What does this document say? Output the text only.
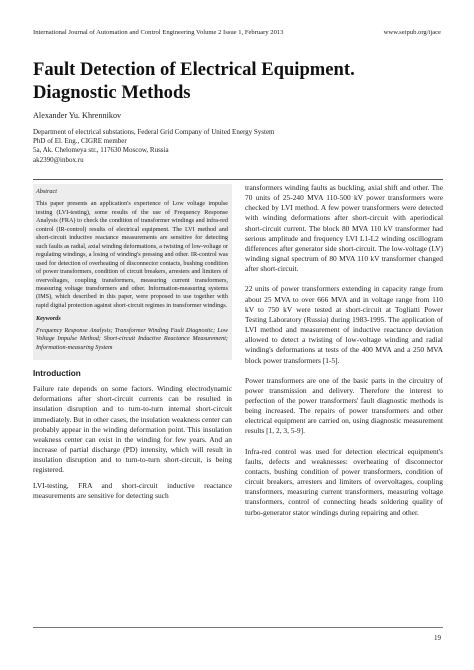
International Journal of Automation and Control Engineering Volume 2 Issue 1, February 2013	www.seipub.org/ijace
Fault Detection of Electrical Equipment.
Diagnostic Methods
Alexander Yu. Khrennikov
Department of electrical substations, Federal Grid Company of United Energy System
PhD of El. Eng., CIGRE member
5a, Ak. Chelomeya str., 117630 Moscow, Russia
ak2390@inbox.ru
Abstract

This paper presents an application's experience of Low voltage impulse testing (LVI-testing), some results of the use of Frequency Response Analysis (FRA) to check the condition of transformer windings and infra-red control (IR-control) results of electrical equipment. The LVI method and short-circuit inductive reactance measurements are sensitive for detecting such faults as radial, axial winding deformations, a twisting of low-voltage or regulating windings, a losing of winding's pressing and other. IR-control was used for detection of overheating of disconnector contacts, bushing condition of power transformers, condition of circuit breakers, arresters and limiters of overvoltages, coupling transformers, measuring current transformers, measuring voltage transformers and other. Information-measuring systems (IMS), which described in this paper, were proposed to use together with rapid digital protection against short-circuit regimes in transformer windings.

Keywords

Frequency Response Analysis; Transformer Winding Fault Diagnostic; Low Voltage Impulse Method; Short-circuit Inductive Reactance Measurement; Information-measuring System

Introduction

Failure rate depends on some factors. Winding electrodynamic deformations after short-circuit currents can be resulted in insulation disruption and to turn-to-turn internal short-circuit immediately. But in other cases, the insulation weakness center can probably appear in the winding deformation point. This insulation weakness center can exist in the winding for few years. And an increase of partial discharge (PD) intensity, which will result in insulation disruption and to turn-to-turn short-circuit, is being registered.

LVI-testing, FRA and short-circuit inductive reactance measurements are sensitive for detecting such

transformers winding faults as buckling, axial shift and other. The 70 units of 25-240 MVA 110-500 kV power transformers were checked by LVI method. A few power transformers were detected with winding deformations after short-circuit with aperiodical short-circuit current. The block 80 MVA 110 kV transformer had serious amplitude and frequency LVI L1-L2 winding oscillogram differences after generator side short-circuit. The low-voltage (LV) winding signal spectrum of 80 MVA 110 kV transformer changed after short-circuit.

22 units of power transformers extending in capacity range from about 25 MVA to over 666 MVA and in voltage range from 110 kV to 750 kV were tested at short-circuit at Togliatti Power Testing Laboratory (Russia) during 1983-1995. The application of LVI method and measurement of inductive reactance deviation allowed to detect a twisting of low-voltage winding and radial winding's deformations at tests of the 400 MVA and a 250 MVA block power transformers [1-5].

Power transformers are one of the basic parts in the circuitry of power transmission and delivery. Therefore the interest to perfection of the power transformers' fault diagnostic methods is being increased. The repairs of power transformers and other electrical equipment are carried on, using diagnostic measurement results [1, 2, 3, 5-9].

Infra-red control was used for detection electrical equipment's faults, defects and weaknesses: overheating of disconnector contacts, bushing condition of power transformers, condition of circuit breakers, arresters and limiters of overvoltages, coupling transformers, measuring current transformers, measuring voltage transformers, control of connecting heads soldering quality of turbo-generator stator windings during repairing and other.

19
